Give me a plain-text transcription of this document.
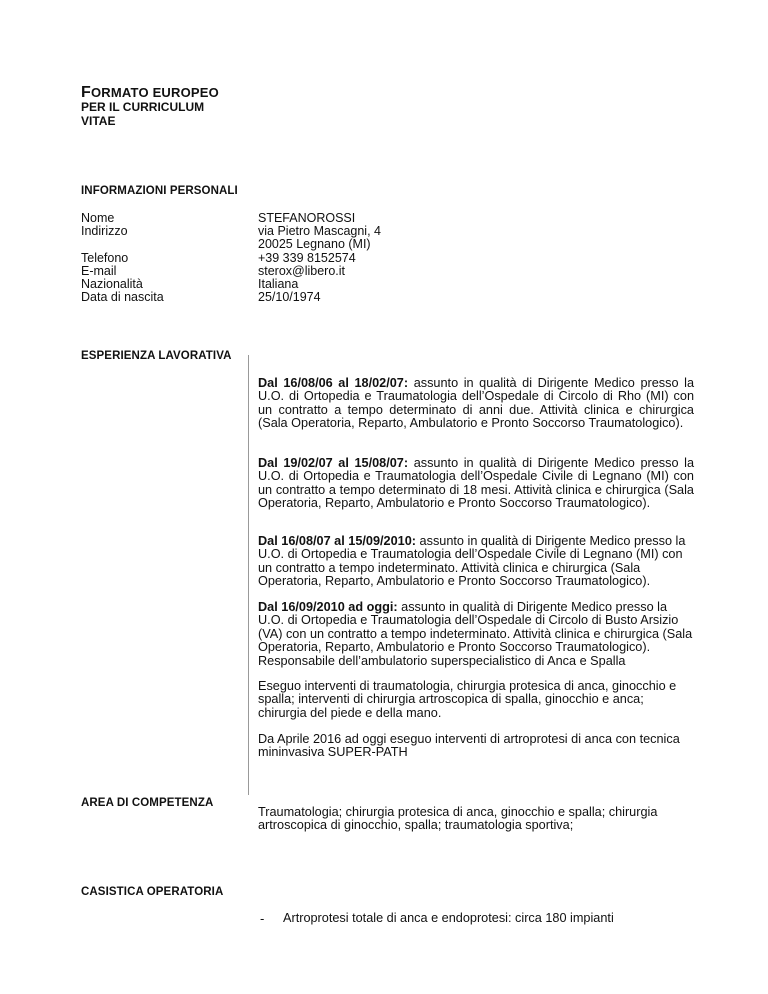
FORMATO EUROPEO
PER IL CURRICULUM VITAE
INFORMAZIONI PERSONALI
Nome
Indirizzo
Telefono
E-mail
Nazionalità
Data di nascita
STEFANOROSSI
via Pietro Mascagni, 4
20025 Legnano (MI)
+39 339 8152574
sterox@libero.it
Italiana
25/10/1974
ESPERIENZA LAVORATIVA
Dal 16/08/06 al 18/02/07: assunto in qualità di Dirigente Medico presso la U.O. di Ortopedia e Traumatologia dell’Ospedale di Circolo di Rho (MI) con un contratto a tempo determinato di anni due. Attività clinica e chirurgica (Sala Operatoria, Reparto, Ambulatorio e Pronto Soccorso Traumatologico).
Dal 19/02/07 al 15/08/07: assunto in qualità di Dirigente Medico presso la U.O. di Ortopedia e Traumatologia dell’Ospedale Civile di Legnano (MI) con un contratto a tempo determinato di 18 mesi. Attività clinica e chirurgica (Sala Operatoria, Reparto, Ambulatorio e Pronto Soccorso Traumatologico).
Dal 16/08/07 al 15/09/2010: assunto in qualità di Dirigente Medico presso la U.O. di Ortopedia e Traumatologia dell’Ospedale Civile di Legnano (MI) con un contratto a tempo indeterminato. Attività clinica e chirurgica (Sala Operatoria, Reparto, Ambulatorio e Pronto Soccorso Traumatologico).
Dal 16/09/2010 ad oggi: assunto in qualità di Dirigente Medico presso la U.O. di Ortopedia e Traumatologia dell’Ospedale di Circolo di Busto Arsizio (VA) con un contratto a tempo indeterminato. Attività clinica e chirurgica (Sala Operatoria, Reparto, Ambulatorio e Pronto Soccorso Traumatologico). Responsabile dell’ambulatorio superspecialistico di Anca e Spalla
Eseguo interventi di traumatologia, chirurgia protesica di anca, ginocchio e spalla; interventi di chirurgia artroscopica di spalla, ginocchio e anca; chirurgia del piede e della mano.
Da Aprile 2016 ad oggi eseguo interventi di artroprotesi di anca con tecnica mininvasiva SUPER-PATH
AREA DI COMPETENZA
Traumatologia; chirurgia protesica di anca, ginocchio e spalla; chirurgia artroscopica di ginocchio, spalla; traumatologia sportiva;
CASISTICA OPERATORIA
- Artroprotesi totale di anca e endoprotesi: circa 180 impianti
